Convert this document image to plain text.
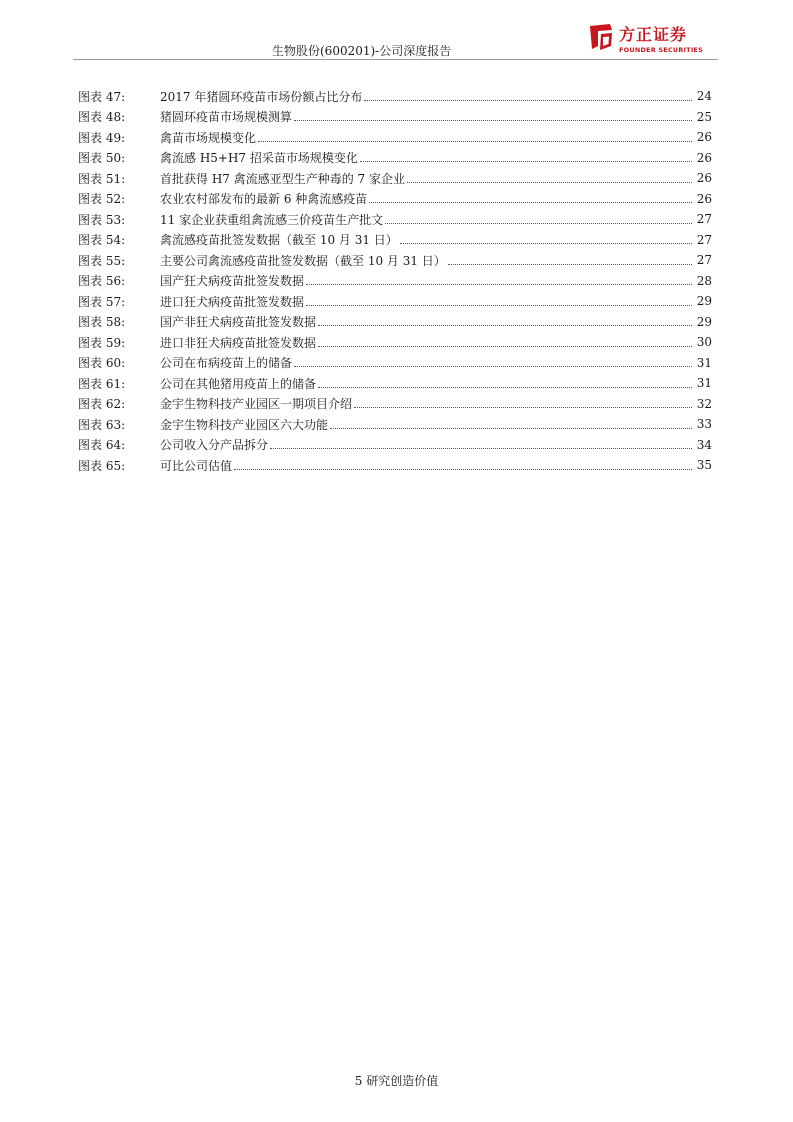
生物股份(600201)-公司深度报告
方正证券
FOUNDER SECURITIES
图表 47:	2017 年猪圆环疫苗市场份额占比分布	24
图表 48:	猪圆环疫苗市场规模测算	25
图表 49:	禽苗市场规模变化	26
图表 50:	禽流感 H5+H7 招采苗市场规模变化	26
图表 51:	首批获得 H7 禽流感亚型生产种毒的 7 家企业	26
图表 52:	农业农村部发布的最新 6 种禽流感疫苗	26
图表 53:	11 家企业获重组禽流感三价疫苗生产批文	27
图表 54:	禽流感疫苗批签发数据（截至 10 月 31 日）	27
图表 55:	主要公司禽流感疫苗批签发数据（截至 10 月 31 日）	27
图表 56:	国产狂犬病疫苗批签发数据	28
图表 57:	进口狂犬病疫苗批签发数据	29
图表 58:	国产非狂犬病疫苗批签发数据	29
图表 59:	进口非狂犬病疫苗批签发数据	30
图表 60:	公司在布病疫苗上的储备	31
图表 61:	公司在其他猪用疫苗上的储备	31
图表 62:	金宇生物科技产业园区一期项目介绍	32
图表 63:	金宇生物科技产业园区六大功能	33
图表 64:	公司收入分产品拆分	34
图表 65:	可比公司估值	35
5 研究创造价值
